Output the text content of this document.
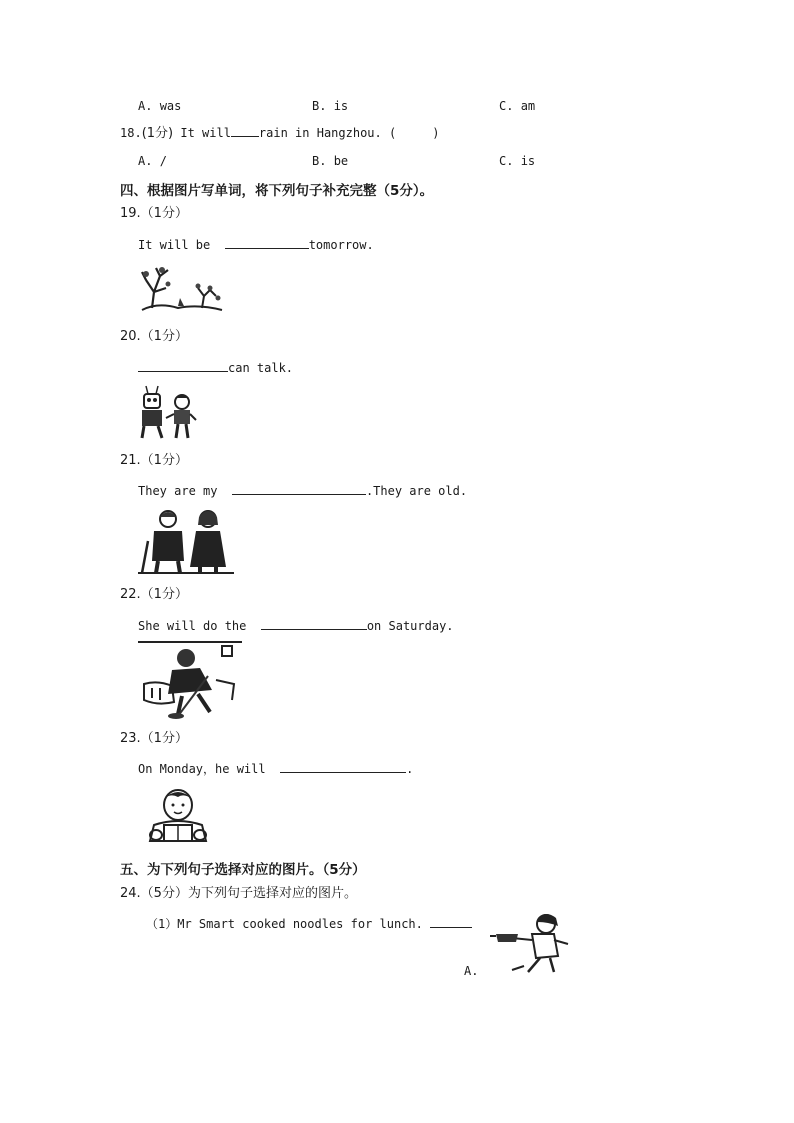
A. was	B. is	C. am
18.(1分) It will rain in Hangzhou. (	)
A. /	B. be	C. is
四、根据图片写单词，将下列句子补充完整（5分）。
19.（1分）
It will be	tomorrow.
20.（1分）
can talk.
21.（1分）
They are my	.They are old.
22.（1分）
She will do the	on Saturday.
23.（1分）
On Monday，he will	.
五、为下列句子选择对应的图片。（5分）
24.（5分）为下列句子选择对应的图片。
（1）Mr Smart cooked noodles for lunch.
A.
